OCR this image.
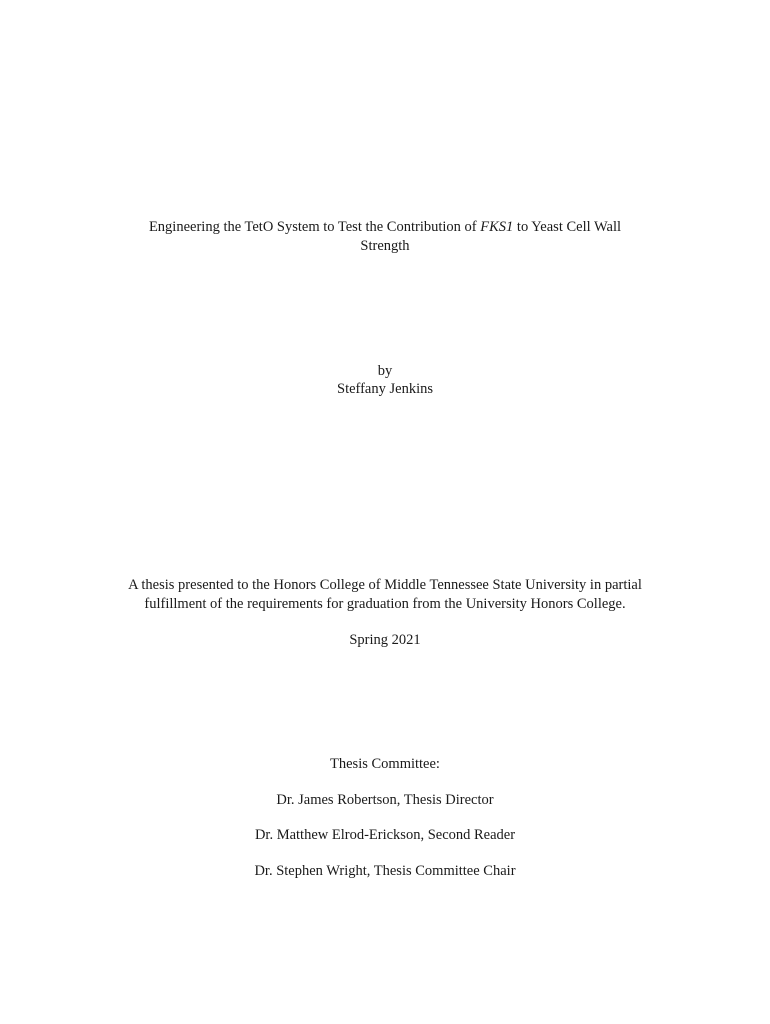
Engineering the TetO System to Test the Contribution of FKS1 to Yeast Cell Wall
Strength
by
Steffany Jenkins
A thesis presented to the Honors College of Middle Tennessee State University in partial
fulfillment of the requirements for graduation from the University Honors College.
Spring 2021
Thesis Committee:
Dr. James Robertson, Thesis Director
Dr. Matthew Elrod-Erickson, Second Reader
Dr. Stephen Wright, Thesis Committee Chair
